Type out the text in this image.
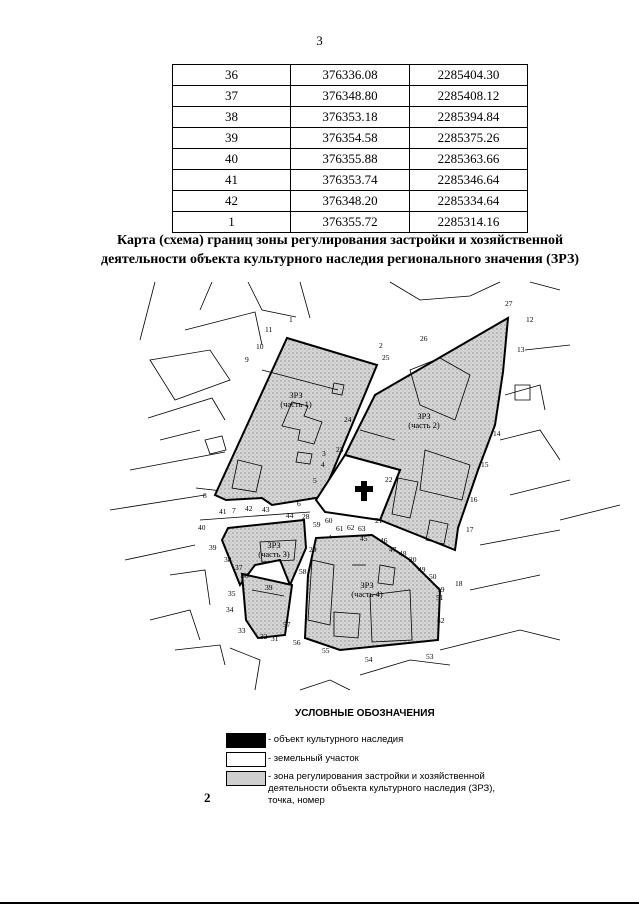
3
36	376336.08	2285404.30
37	376348.80	2285408.12
38	376353.18	2285394.84
39	376354.58	2285375.26
40	376355.88	2285363.66
41	376353.74	2285346.64
42	376348.20	2285334.64
1	376355.72	2285314.16
Карта (схема) границ зоны регулирования застройки и хозяйственной
деятельности объекта культурного наследия регионального значения (ЗРЗ)
ЗРЗ
(часть 1)
ЗРЗ
(часть 2)
ЗРЗ
(часть 3)
ЗРЗ
(часть 4)
1
2
3
4
5
6
7
8
9
10
11
12
13
14
15
16
17
18
19
20
21
22
23
24
25
26
27
28
29
31
32
33
34
35
36
37
38
39
39
40
41 42 43
44
45 46
47 48
49
50
51
52
53
54
55
56
57
58
59 60
61 62 63
УСЛОВНЫЕ ОБОЗНАЧЕНИЯ
- объект культурного наследия
- земельный участок
- зона регулирования застройки и хозяйственной
деятельности объекта культурного наследия (ЗРЗ),
точка, номер
2
